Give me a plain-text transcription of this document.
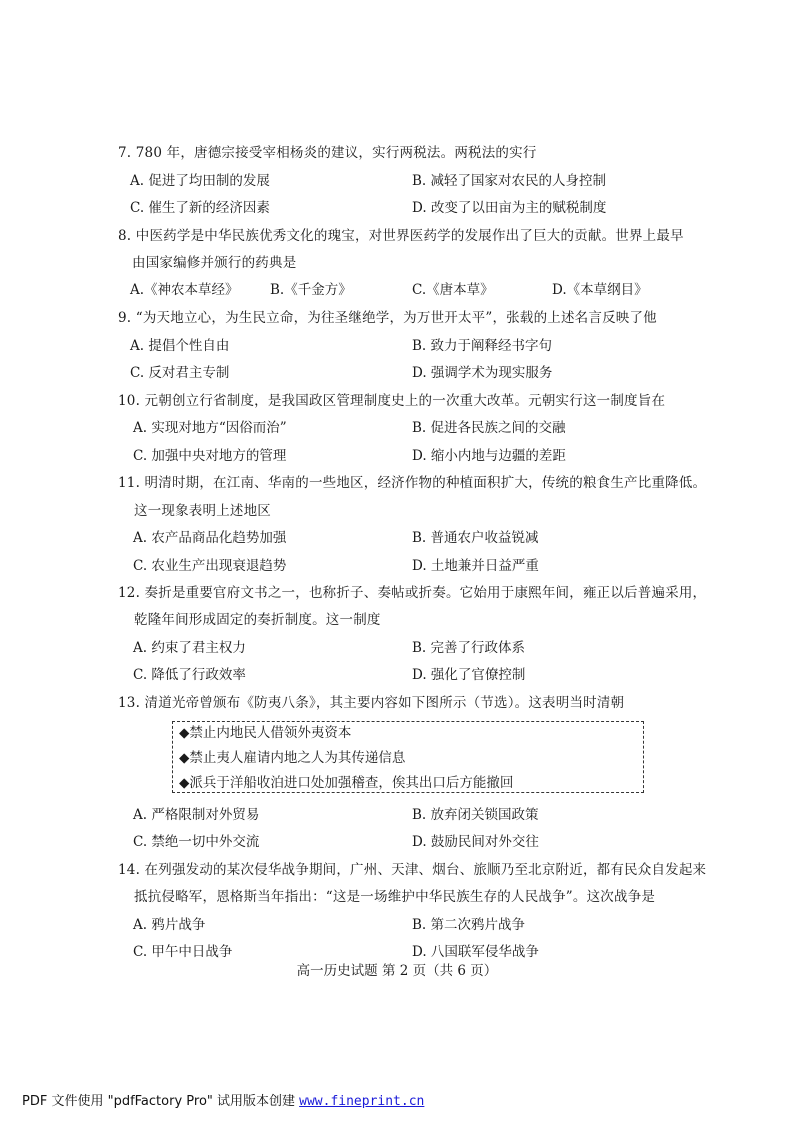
7. 780 年，唐德宗接受宰相杨炎的建议，实行两税法。两税法的实行
A. 促进了均田制的发展	B. 减轻了国家对农民的人身控制
C. 催生了新的经济因素	D. 改变了以田亩为主的赋税制度
8. 中医药学是中华民族优秀文化的瑰宝，对世界医药学的发展作出了巨大的贡献。世界上最早
由国家编修并颁行的药典是
A.《神农本草经》 B.《千金方》	C.《唐本草》	D.《本草纲目》
9. “为天地立心，为生民立命，为往圣继绝学，为万世开太平”，张载的上述名言反映了他
A. 提倡个性自由	B. 致力于阐释经书字句
C. 反对君主专制	D. 强调学术为现实服务
10. 元朝创立行省制度，是我国政区管理制度史上的一次重大改革。元朝实行这一制度旨在
A. 实现对地方“因俗而治”	B. 促进各民族之间的交融
C. 加强中央对地方的管理	D. 缩小内地与边疆的差距
11. 明清时期，在江南、华南的一些地区，经济作物的种植面积扩大，传统的粮食生产比重降低。
这一现象表明上述地区
A. 农产品商品化趋势加强	B. 普通农户收益锐减
C. 农业生产出现衰退趋势	D. 土地兼并日益严重
12. 奏折是重要官府文书之一，也称折子、奏帖或折奏。它始用于康熙年间，雍正以后普遍采用，
乾隆年间形成固定的奏折制度。这一制度
A. 约束了君主权力	B. 完善了行政体系
C. 降低了行政效率	D. 强化了官僚控制
13. 清道光帝曾颁布《防夷八条》，其主要内容如下图所示（节选）。这表明当时清朝
◆禁止内地民人借领外夷资本
◆禁止夷人雇请内地之人为其传递信息
◆派兵于洋船收泊进口处加强稽查，俟其出口后方能撤回
A. 严格限制对外贸易	B. 放弃闭关锁国政策
C. 禁绝一切中外交流	D. 鼓励民间对外交往
14. 在列强发动的某次侵华战争期间，广州、天津、烟台、旅顺乃至北京附近，都有民众自发起来
抵抗侵略军，恩格斯当年指出：“这是一场维护中华民族生存的人民战争”。这次战争是
A. 鸦片战争	B. 第二次鸦片战争
C. 甲午中日战争	D. 八国联军侵华战争
高一历史试题 第 2 页（共 6 页）
PDF 文件使用 "pdfFactory Pro" 试用版本创建 www.fineprint.cn
